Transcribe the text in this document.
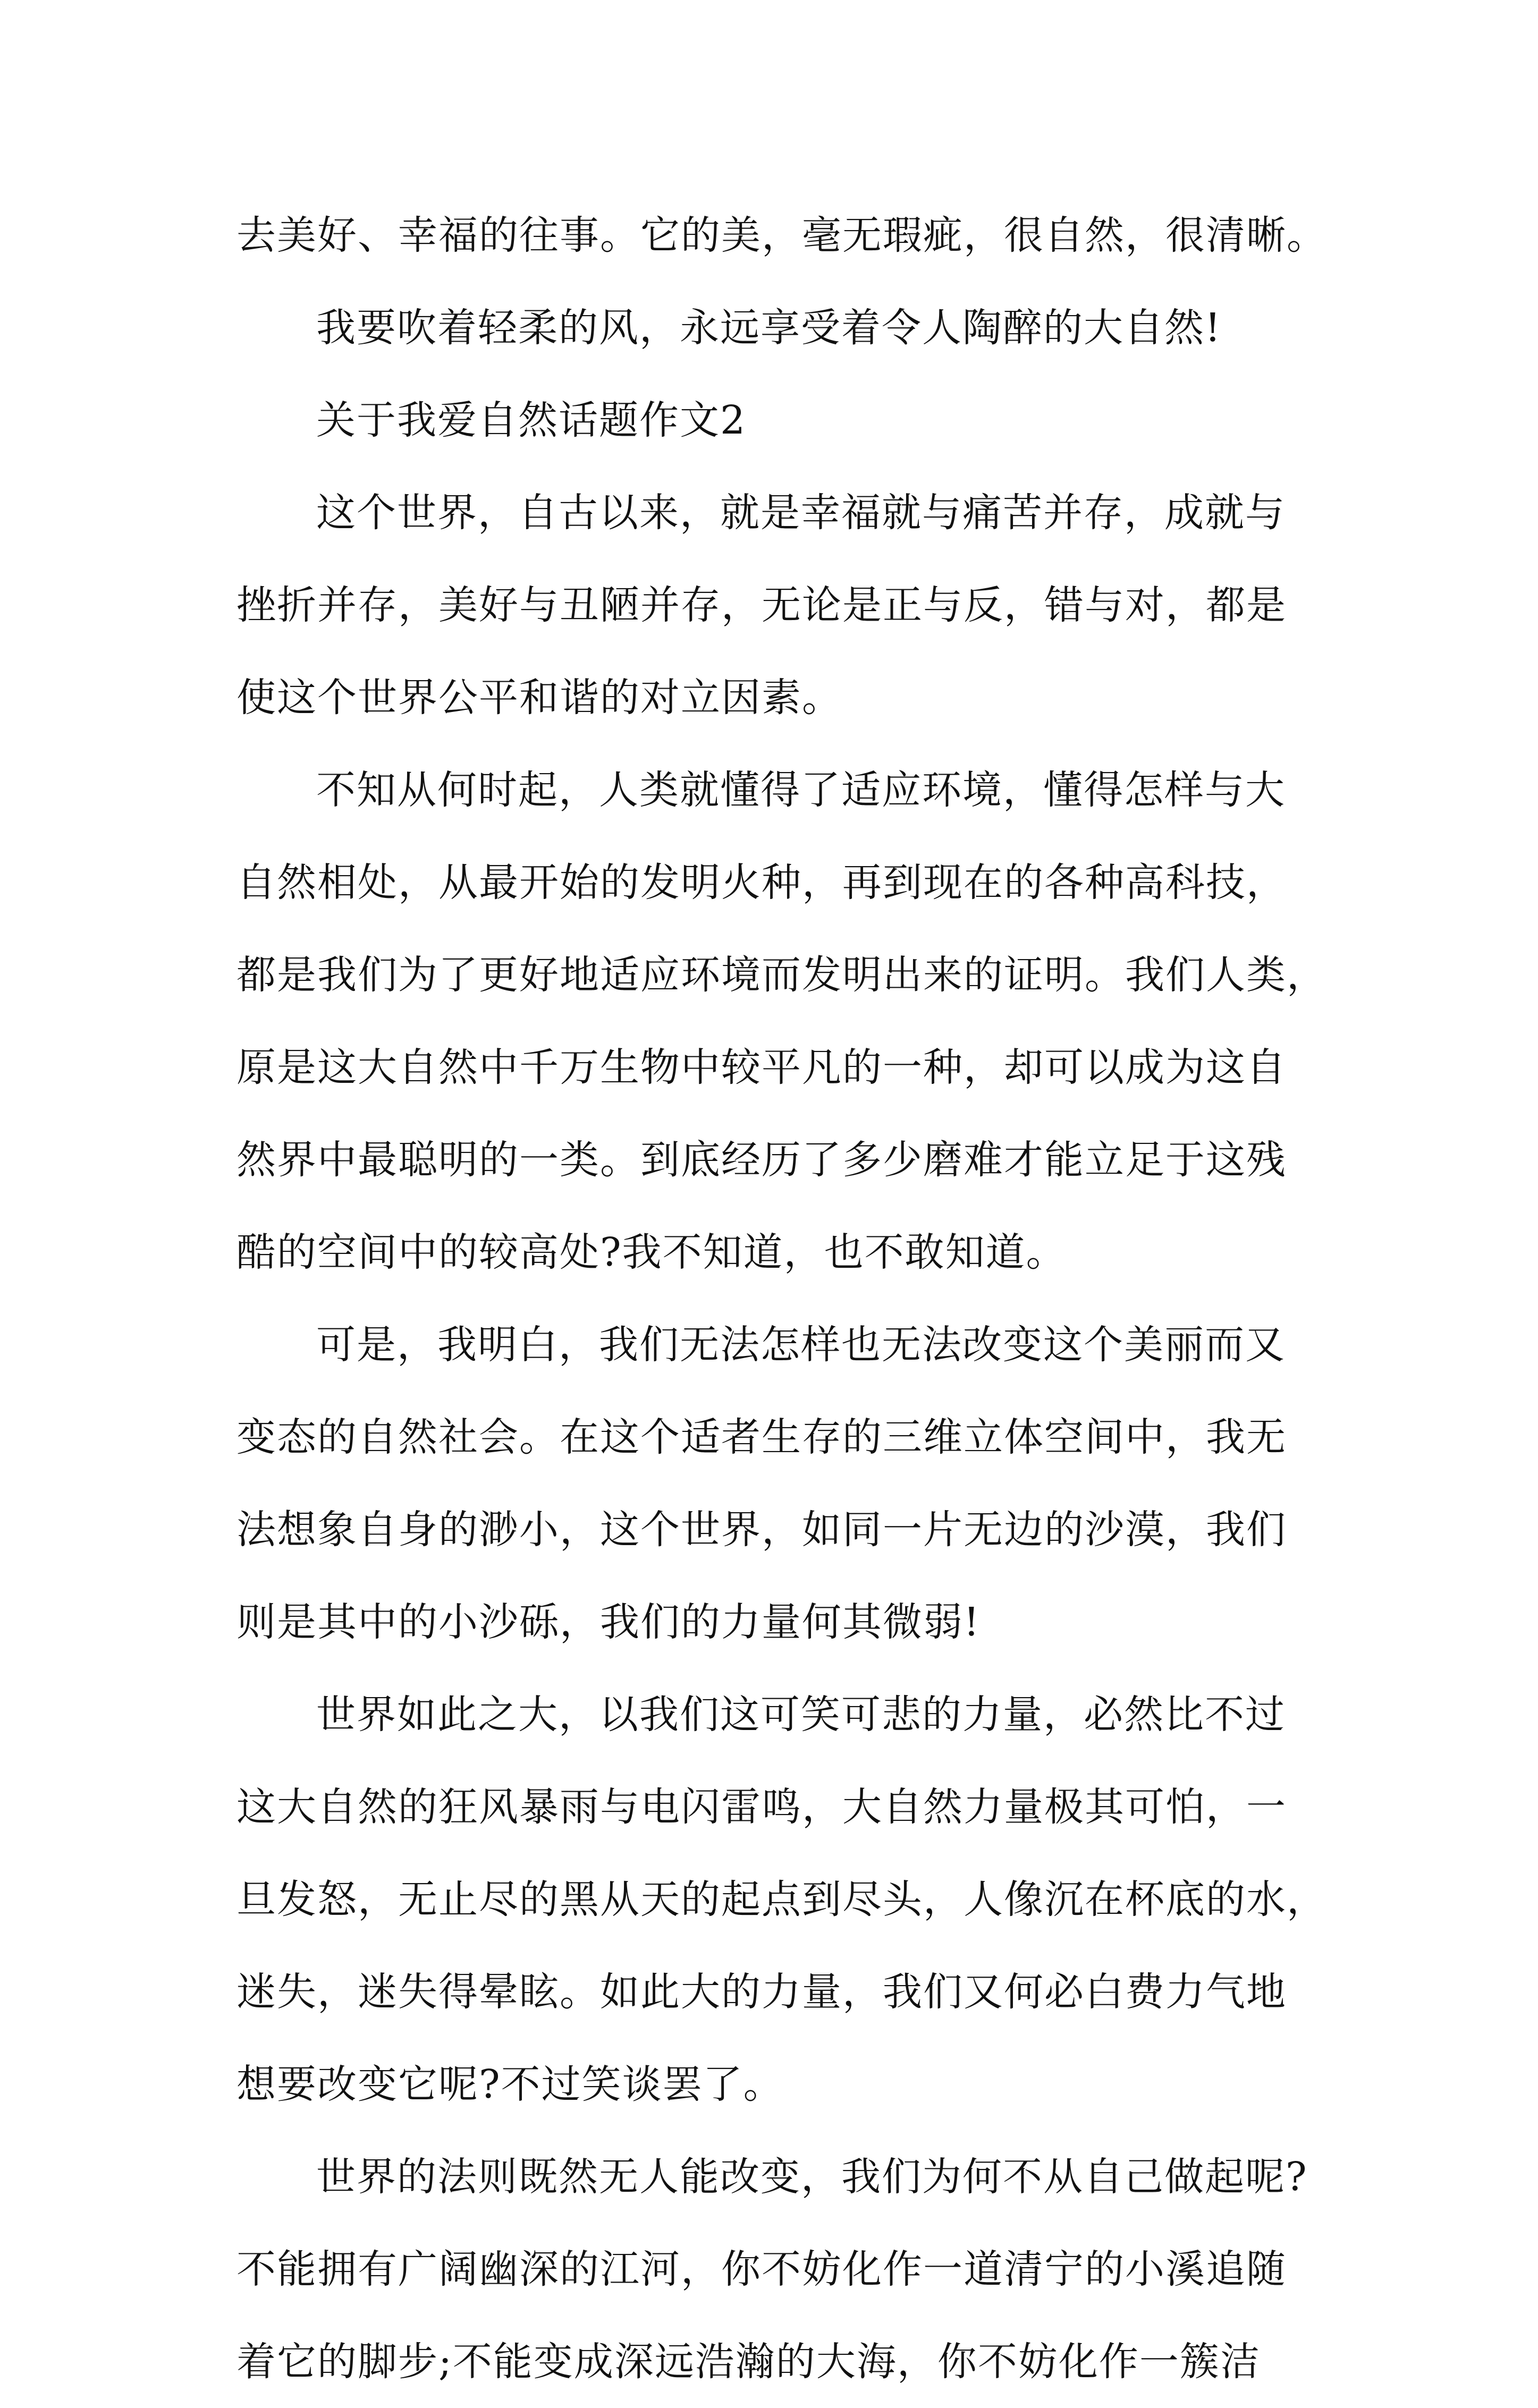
去美好、幸福的往事。它的美，毫无瑕疵，很自然，很清晰。
我要吹着轻柔的风，永远享受着令人陶醉的大自然!
关于我爱自然话题作文2
这个世界，自古以来，就是幸福就与痛苦并存，成就与
挫折并存，美好与丑陋并存，无论是正与反，错与对，都是
使这个世界公平和谐的对立因素。
不知从何时起，人类就懂得了适应环境，懂得怎样与大
自然相处，从最开始的发明火种，再到现在的各种高科技，
都是我们为了更好地适应环境而发明出来的证明。我们人类，
原是这大自然中千万生物中较平凡的一种，却可以成为这自
然界中最聪明的一类。到底经历了多少磨难才能立足于这残
酷的空间中的较高处?我不知道，也不敢知道。
可是，我明白，我们无法怎样也无法改变这个美丽而又
变态的自然社会。在这个适者生存的三维立体空间中，我无
法想象自身的渺小，这个世界，如同一片无边的沙漠，我们
则是其中的小沙砾，我们的力量何其微弱!
世界如此之大，以我们这可笑可悲的力量，必然比不过
这大自然的狂风暴雨与电闪雷鸣，大自然力量极其可怕，一
旦发怒，无止尽的黑从天的起点到尽头，人像沉在杯底的水，
迷失，迷失得晕眩。如此大的力量，我们又何必白费力气地
想要改变它呢?不过笑谈罢了。
世界的法则既然无人能改变，我们为何不从自己做起呢?
不能拥有广阔幽深的江河，你不妨化作一道清宁的小溪追随
着它的脚步;不能变成深远浩瀚的大海，你不妨化作一簇洁
